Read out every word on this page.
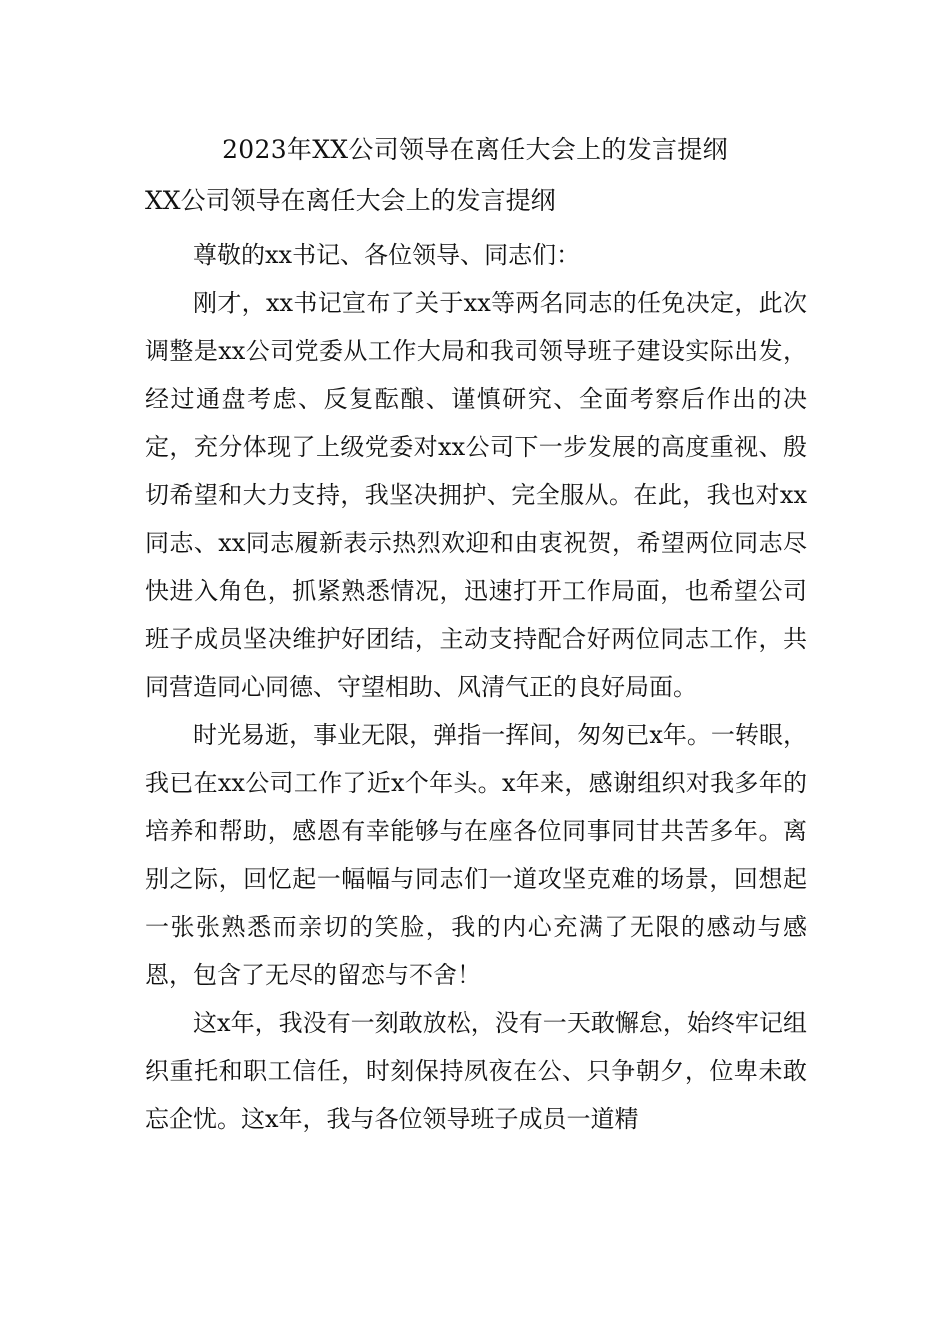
2023年XX公司领导在离任大会上的发言提纲
XX公司领导在离任大会上的发言提纲

尊敬的xx书记、各位领导、同志们：

刚才，xx书记宣布了关于xx等两名同志的任免决定，此次调整是xx公司党委从工作大局和我司领导班子建设实际出发，经过通盘考虑、反复酝酿、谨慎研究、全面考察后作出的决定，充分体现了上级党委对xx公司下一步发展的高度重视、殷切希望和大力支持，我坚决拥护、完全服从。在此，我也对xx同志、xx同志履新表示热烈欢迎和由衷祝贺，希望两位同志尽快进入角色，抓紧熟悉情况，迅速打开工作局面，也希望公司班子成员坚决维护好团结，主动支持配合好两位同志工作，共同营造同心同德、守望相助、风清气正的良好局面。

时光易逝，事业无限，弹指一挥间，匆匆已x年。一转眼，我已在xx公司工作了近x个年头。x年来，感谢组织对我多年的培养和帮助，感恩有幸能够与在座各位同事同甘共苦多年。离别之际，回忆起一幅幅与同志们一道攻坚克难的场景，回想起一张张熟悉而亲切的笑脸，我的内心充满了无限的感动与感恩，包含了无尽的留恋与不舍！

这x年，我没有一刻敢放松，没有一天敢懈怠，始终牢记组织重托和职工信任，时刻保持夙夜在公、只争朝夕，位卑未敢忘企忧。这x年，我与各位领导班子成员一道精
